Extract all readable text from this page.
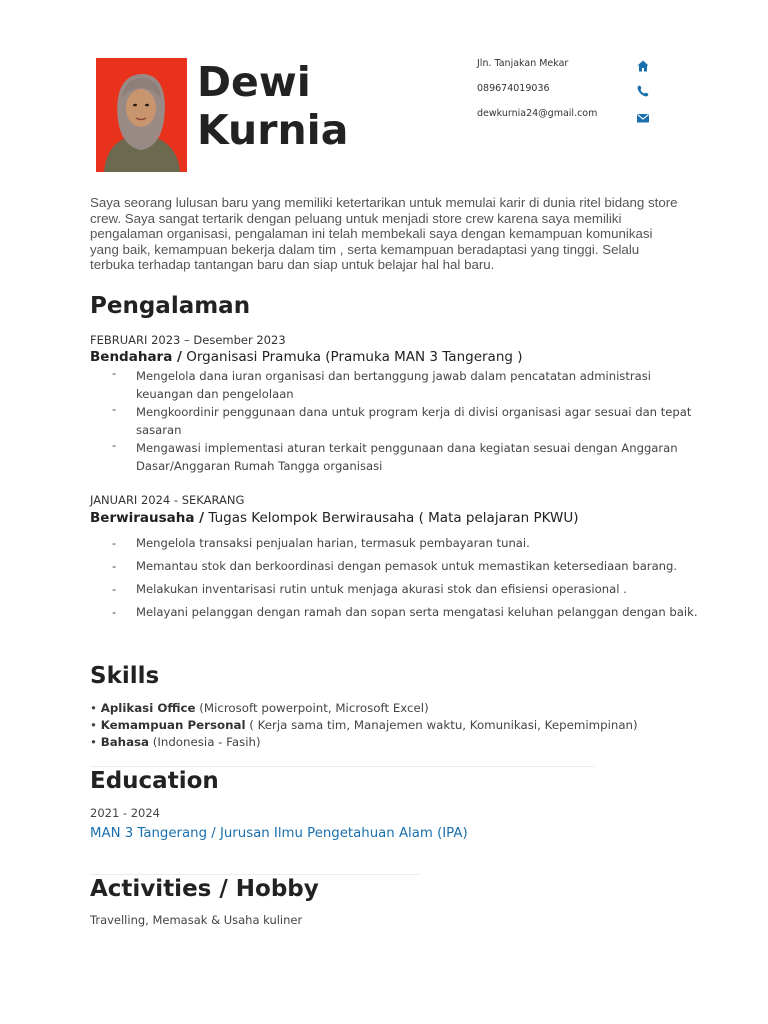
Dewi
Kurnia
Jln. Tanjakan Mekar
089674019036
dewkurnia24@gmail.com
Saya seorang lulusan baru yang memiliki ketertarikan untuk memulai karir di dunia ritel bidang store crew. Saya sangat tertarik dengan peluang untuk menjadi store crew karena saya memiliki pengalaman organisasi, pengalaman ini telah membekali saya dengan kemampuan komunikasi yang baik, kemampuan bekerja dalam tim , serta kemampuan beradaptasi yang tinggi. Selalu terbuka terhadap tantangan baru dan siap untuk belajar hal hal baru.
Pengalaman
FEBRUARI 2023 – Desember 2023
Bendahara / Organisasi Pramuka (Pramuka MAN 3 Tangerang )
- Mengelola dana iuran organisasi dan bertanggung jawab dalam pencatatan administrasi keuangan dan pengelolaan
- Mengkoordinir penggunaan dana untuk program kerja di divisi organisasi agar sesuai dan tepat sasaran
- Mengawasi implementasi aturan terkait penggunaan dana kegiatan sesuai dengan Anggaran Dasar/Anggaran Rumah Tangga organisasi
JANUARI 2024 - SEKARANG
Berwirausaha / Tugas Kelompok Berwirausaha ( Mata pelajaran PKWU)
- Mengelola transaksi penjualan harian, termasuk pembayaran tunai.
- Memantau stok dan berkoordinasi dengan pemasok untuk memastikan ketersediaan barang.
- Melakukan inventarisasi rutin untuk menjaga akurasi stok dan efisiensi operasional .
- Melayani pelanggan dengan ramah dan sopan serta mengatasi keluhan pelanggan dengan baik.
Skills
• Aplikasi Office (Microsoft powerpoint, Microsoft Excel)
• Kemampuan Personal ( Kerja sama tim, Manajemen waktu, Komunikasi, Kepemimpinan)
• Bahasa (Indonesia - Fasih)
Education
2021 - 2024
MAN 3 Tangerang / Jurusan Ilmu Pengetahuan Alam (IPA)
Activities / Hobby
Travelling, Memasak & Usaha kuliner
